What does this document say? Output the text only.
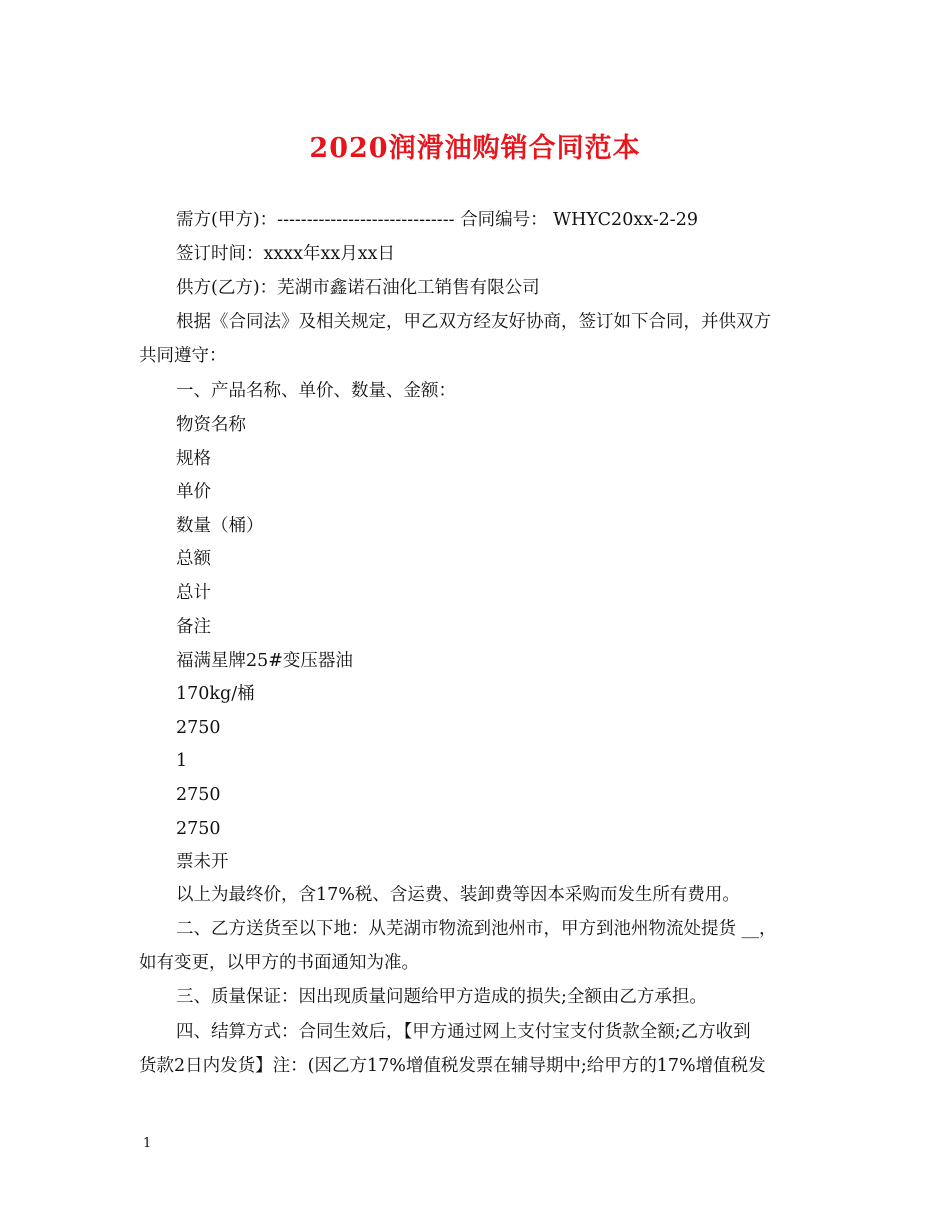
2020润滑油购销合同范本
需方(甲方)：------------------------------ 合同编号： WHYC20xx-2-29
签订时间：xxxx年xx月xx日
供方(乙方)：芜湖市鑫诺石油化工销售有限公司
根据《合同法》及相关规定，甲乙双方经友好协商，签订如下合同，并供双方
共同遵守：
一、产品名称、单价、数量、金额：
物资名称
规格
单价
数量（桶）
总额
总计
备注
福满星牌25#变压器油
170kg/桶
2750
1
2750
2750
票未开
以上为最终价，含17%税、含运费、装卸费等因本采购而发生所有费用。
二、乙方送货至以下地：从芜湖市物流到池州市，甲方到池州物流处提货 __，
如有变更，以甲方的书面通知为准。
三、质量保证：因出现质量问题给甲方造成的损失;全额由乙方承担。
四、结算方式：合同生效后，【甲方通过网上支付宝支付货款全额;乙方收到
货款2日内发货】注：(因乙方17%增值税发票在辅导期中;给甲方的17%增值税发
1
